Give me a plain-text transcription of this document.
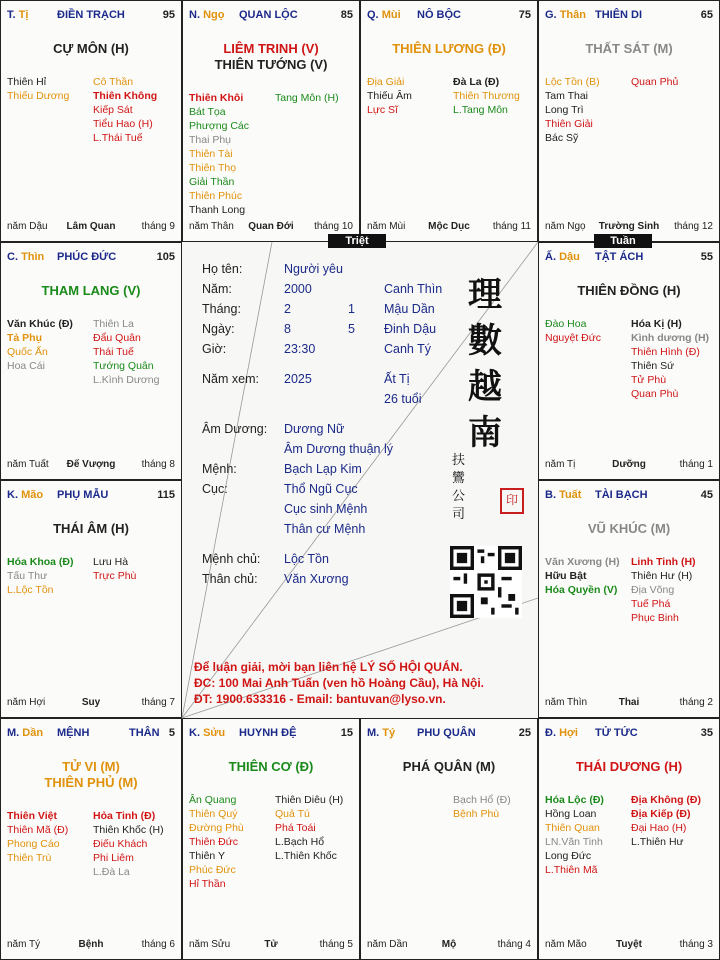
T. Tị	ĐIỀN TRẠCH	95
CỰ MÔN (H)
Thiên Hỉ
Thiếu Dương
Cô Thần
Thiên Không
Kiếp Sát
Tiểu Hao (H)
L.Thái Tuế
năm Dậu	Lâm Quan	tháng 9
N. Ngọ QUAN LỘC	85
LIÊM TRINH (V)
THIÊN TƯỚNG (V)
Thiên Khôi
Bát Tọa
Phượng Các
Thai Phụ
Thiên Tài
Thiên Thọ
Giải Thần
Thiên Phúc
Thanh Long
Tang Môn (H)
năm Thân	Quan Đới	tháng 10
Q. Mùi NÔ BỘC	75
THIÊN LƯƠNG (Đ)
Địa Giải
Thiếu Âm
Lực Sĩ
Đà La (Đ)
Thiên Thương
L.Tang Môn
năm Mùi	Mộc Dục	tháng 11
G. Thân THIÊN DI	65
THẤT SÁT (M)
Lộc Tồn (B)
Tam Thai
Long Trì
Thiên Giải
Bác Sỹ
Quan Phủ
năm Ngọ	Trường Sinh	tháng 12
C. Thìn PHÚC ĐỨC	105
THAM LANG (V)
Văn Khúc (Đ)
Tả Phụ
Quốc Ấn
Hoa Cái
Thiên La
Đẩu Quân
Thái Tuế
Tướng Quân
L.Kình Dương
năm Tuất	Đế Vượng	tháng 8
Ấ. Dậu TẬT ÁCH	55
THIÊN ĐỒNG (H)
Đào Hoa
Nguyệt Đức
Hóa Kị (H)
Kình dương (H)
Thiên Hình (Đ)
Thiên Sứ
Tử Phù
Quan Phù
năm Tị	Dưỡng	tháng 1
K. Mão PHỤ MẪU	115
THÁI ÂM (H)
Hóa Khoa (Đ)
Tấu Thư
L.Lộc Tồn
Lưu Hà
Trực Phù
năm Hợi	Suy	tháng 7
B. Tuất TÀI BẠCH	45
VŨ KHÚC (M)
Văn Xương (H)
Hữu Bật
Hóa Quyền (V)
Linh Tinh (H)
Thiên Hư (H)
Địa Võng
Tuế Phá
Phục Binh
năm Thìn	Thai	tháng 2
M. Dần MỆNH	THÂN 5
TỬ VI (M)
THIÊN PHỦ (M)
Thiên Việt
Thiên Mã (Đ)
Phong Cáo
Thiên Trù
Hỏa Tinh (Đ)
Thiên Khốc (H)
Điếu Khách
Phi Liêm
L.Đà La
năm Tý	Bệnh	tháng 6
K. Sửu HUYNH ĐỆ	15
THIÊN CƠ (Đ)
Ân Quang
Thiên Quý
Đường Phù
Thiên Đức
Thiên Y
Phúc Đức
Hỉ Thần
Thiên Diêu (H)
Quả Tú
Phá Toái
L.Bạch Hổ
L.Thiên Khốc
năm Sửu	Tử	tháng 5
M. Tý PHU QUÂN	25
PHÁ QUÂN (M)
Bạch Hổ (Đ)
Bệnh Phù
năm Dần	Mộ	tháng 4
Đ. Hợi TỬ TỨC	35
THÁI DƯƠNG (H)
Hóa Lộc (Đ)
Hồng Loan
Thiên Quan
LN.Văn Tinh
Long Đức
L.Thiên Mã
Địa Không (Đ)
Địa Kiếp (Đ)
Đại Hao (H)
L.Thiên Hư
năm Mão	Tuyệt	tháng 3
Triệt	Tuần
Họ tên:	Người yêu
Năm:	2000	Canh Thìn
Tháng:	2	1 Mậu Dần
Ngày:	8	5 Đinh Dậu
Giờ:	23:30	Canh Tý
Năm xem: 2025	Ất Tị
26 tuổi
Âm Dương: Dương Nữ
Âm Dương thuận lý
Mệnh:	Bạch Lạp Kim
Cục:	Thổ Ngũ Cục
Cục sinh Mệnh
Thân cư Mệnh
Mệnh chủ: Lộc Tồn
Thân chủ: Văn Xương
理
數
越
南
扶
鸞
公
司
印
Để luận giải, mời bạn liên hệ LÝ SỐ HỘI QUÁN.
ĐC: 100 Mai Anh Tuấn (ven hồ Hoàng Cầu), Hà Nội.
ĐT: 1900.633316 - Email: bantuvan@lyso.vn.
